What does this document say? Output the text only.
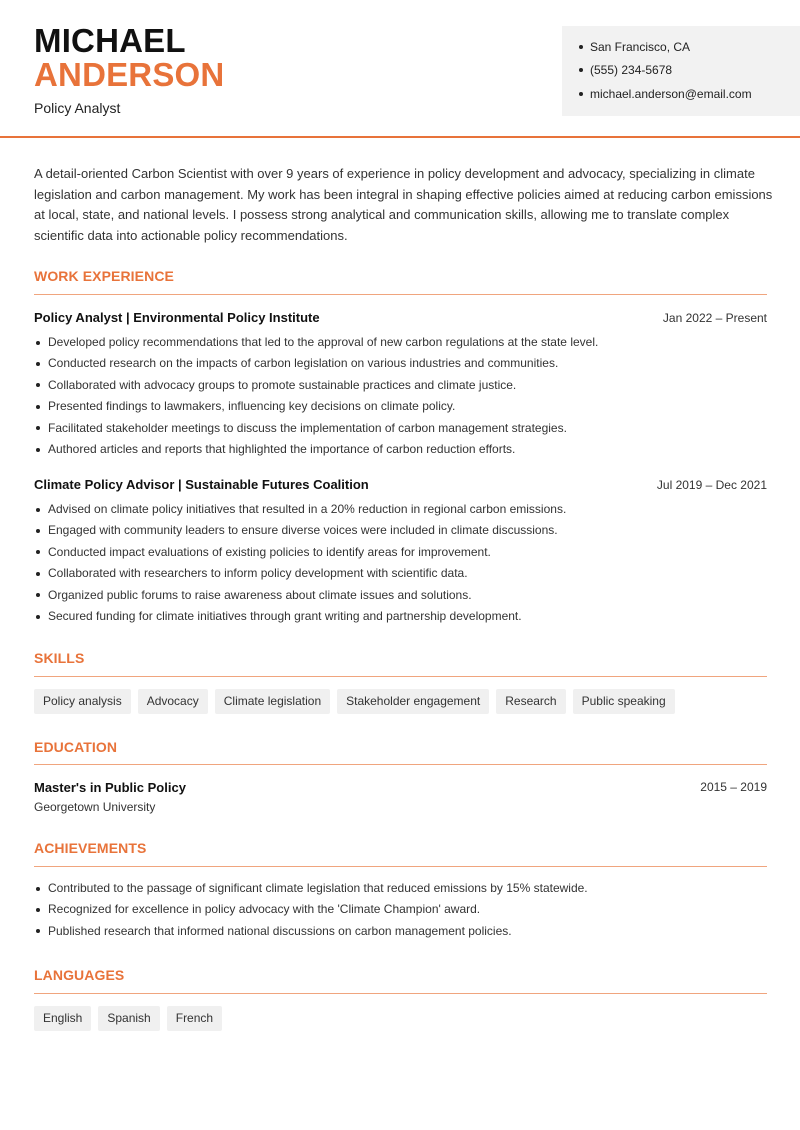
MICHAEL
ANDERSON
Policy Analyst
San Francisco, CA
(555) 234-5678
michael.anderson@email.com
A detail-oriented Carbon Scientist with over 9 years of experience in policy development and advocacy, specializing in climate legislation and carbon management. My work has been integral in shaping effective policies aimed at reducing carbon emissions at local, state, and national levels. I possess strong analytical and communication skills, allowing me to translate complex scientific data into actionable policy recommendations.
WORK EXPERIENCE
Policy Analyst | Environmental Policy Institute	Jan 2022 – Present
Developed policy recommendations that led to the approval of new carbon regulations at the state level.
Conducted research on the impacts of carbon legislation on various industries and communities.
Collaborated with advocacy groups to promote sustainable practices and climate justice.
Presented findings to lawmakers, influencing key decisions on climate policy.
Facilitated stakeholder meetings to discuss the implementation of carbon management strategies.
Authored articles and reports that highlighted the importance of carbon reduction efforts.
Climate Policy Advisor | Sustainable Futures Coalition	Jul 2019 – Dec 2021
Advised on climate policy initiatives that resulted in a 20% reduction in regional carbon emissions.
Engaged with community leaders to ensure diverse voices were included in climate discussions.
Conducted impact evaluations of existing policies to identify areas for improvement.
Collaborated with researchers to inform policy development with scientific data.
Organized public forums to raise awareness about climate issues and solutions.
Secured funding for climate initiatives through grant writing and partnership development.
SKILLS
Policy analysis	Advocacy	Climate legislation	Stakeholder engagement	Research	Public speaking
EDUCATION
Master's in Public Policy	2015 – 2019
Georgetown University
ACHIEVEMENTS
Contributed to the passage of significant climate legislation that reduced emissions by 15% statewide.
Recognized for excellence in policy advocacy with the 'Climate Champion' award.
Published research that informed national discussions on carbon management policies.
LANGUAGES
English	Spanish	French
